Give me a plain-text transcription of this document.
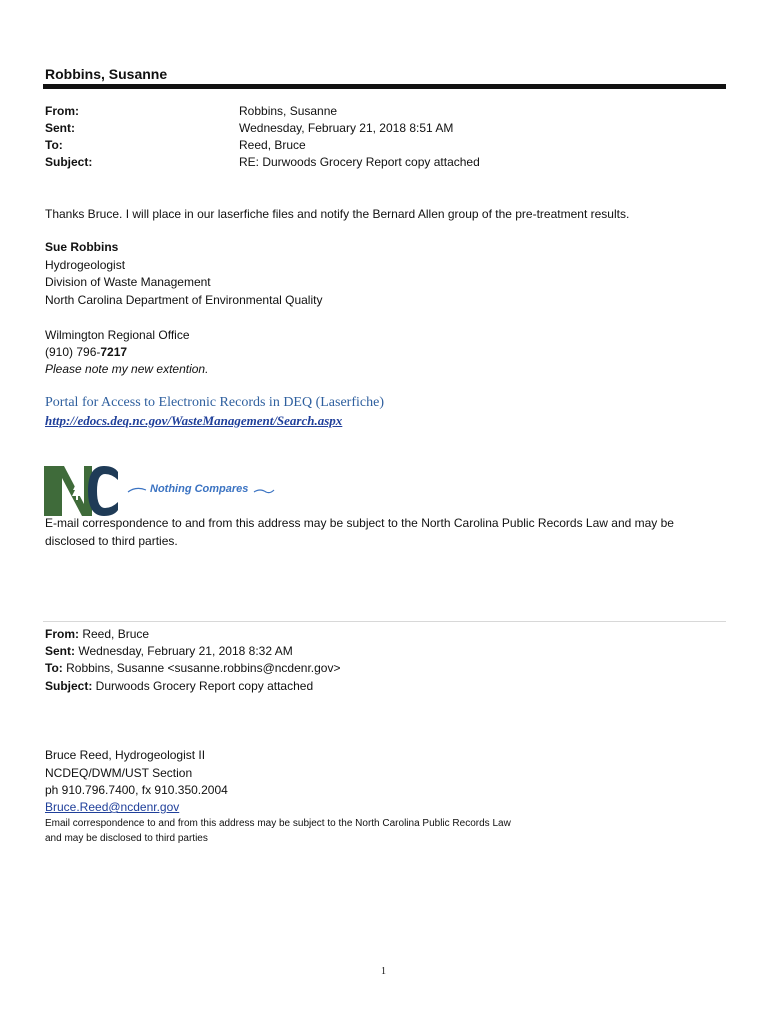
Robbins, Susanne
From:	Robbins, Susanne
Sent:	Wednesday, February 21, 2018 8:51 AM
To:	Reed, Bruce
Subject:	RE: Durwoods Grocery Report copy attached
Thanks Bruce. I will place in our laserfiche files and notify the Bernard Allen group of the pre-treatment results.
Sue Robbins
Hydrogeologist
Division of Waste Management
North Carolina Department of Environmental Quality
Wilmington Regional Office
(910) 796-7217
Please note my new extention.
Portal for Access to Electronic Records in DEQ (Laserfiche)
http://edocs.deq.nc.gov/WasteManagement/Search.aspx
Nothing Compares
E-mail correspondence to and from this address may be subject to the North Carolina Public Records Law and may be
disclosed to third parties.
From: Reed, Bruce
Sent: Wednesday, February 21, 2018 8:32 AM
To: Robbins, Susanne <susanne.robbins@ncdenr.gov>
Subject: Durwoods Grocery Report copy attached
Bruce Reed, Hydrogeologist II
NCDEQ/DWM/UST Section
ph 910.796.7400, fx 910.350.2004
Bruce.Reed@ncdenr.gov
Email correspondence to and from this address may be subject to the North Carolina Public Records Law
and may be disclosed to third parties
1
